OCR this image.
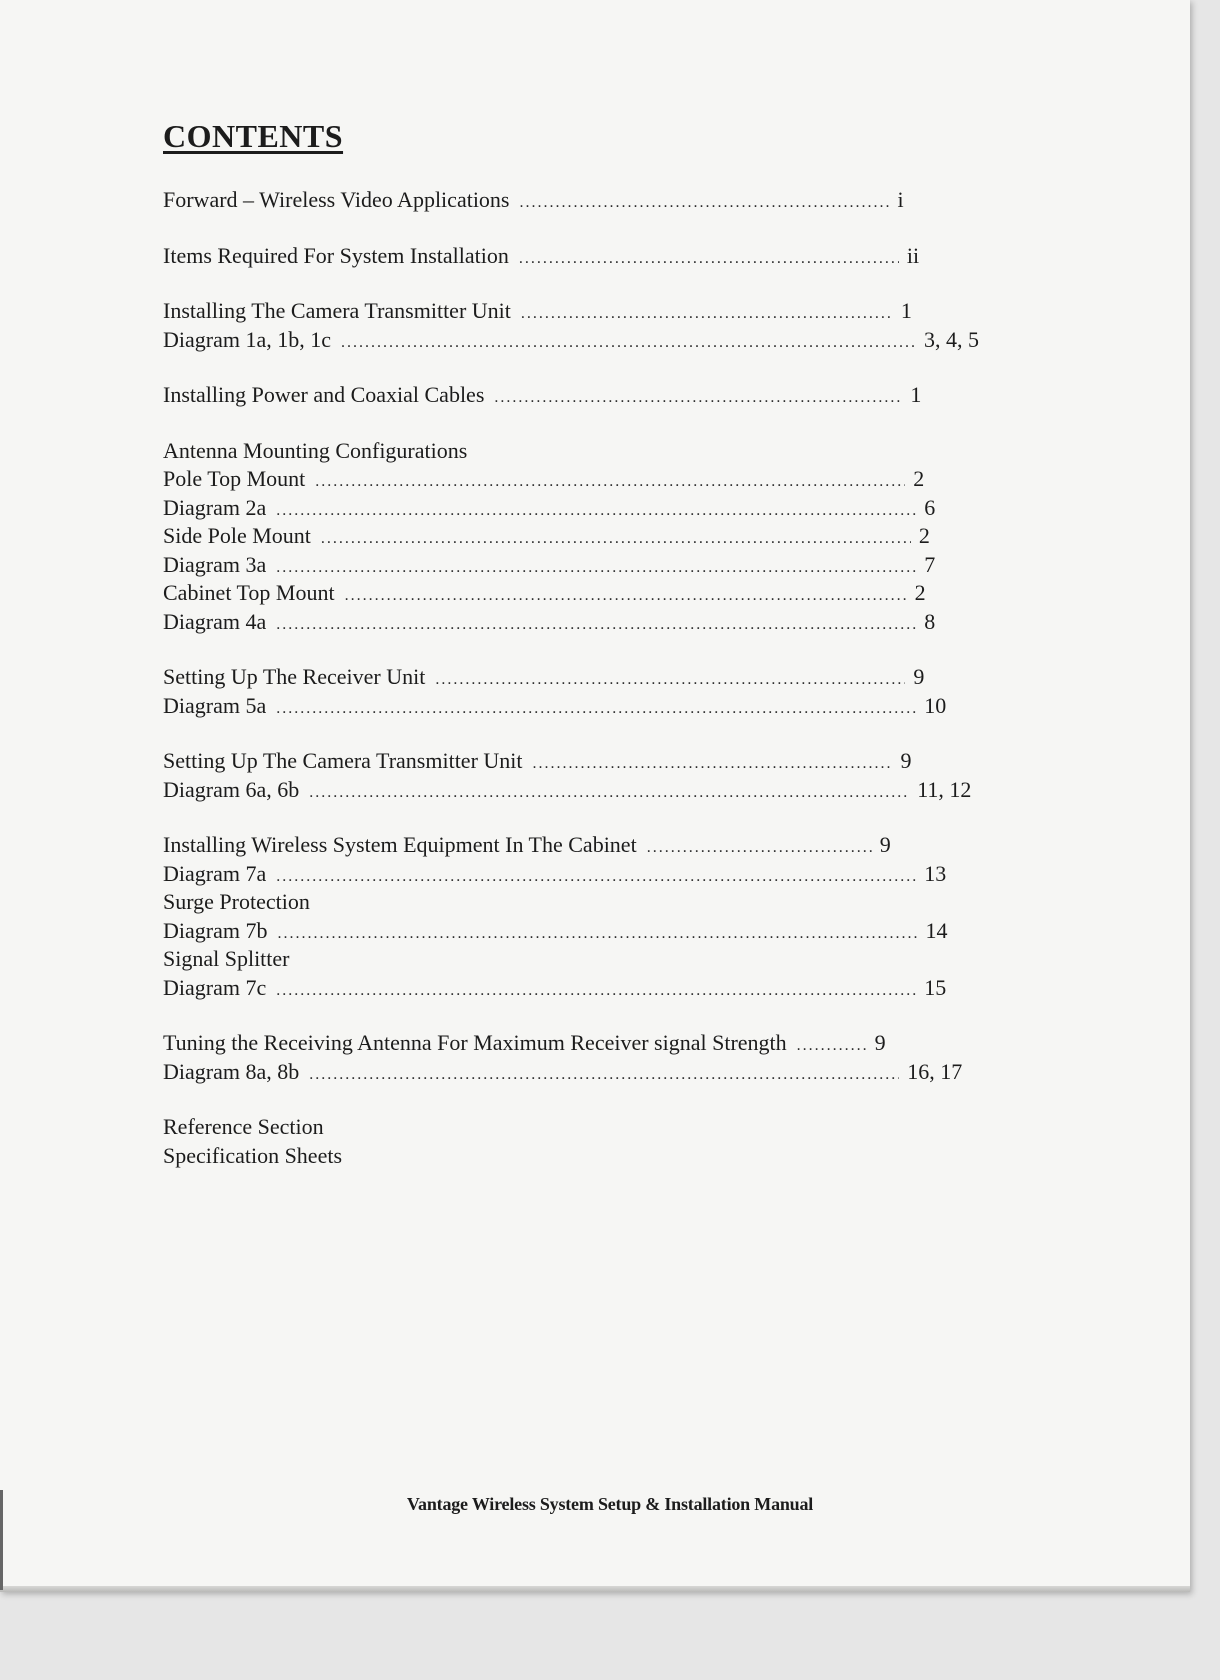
CONTENTS
Forward – Wireless Video Applications .....	i
Items Required For System Installation .....	ii
Installing The Camera Transmitter Unit .....	1
Diagram 1a, 1b, 1c .....	3, 4, 5
Installing Power and Coaxial Cables .....	1
Antenna Mounting Configurations
Pole Top Mount .....	2
Diagram 2a .....	6
Side Pole Mount .....	2
Diagram 3a .....	7
Cabinet Top Mount .....	2
Diagram 4a .....	8
Setting Up The Receiver Unit .....	9
Diagram 5a .....	10
Setting Up The Camera Transmitter Unit .....	9
Diagram 6a, 6b .....	11, 12
Installing Wireless System Equipment In The Cabinet .....	9
Diagram 7a .....	13
Surge Protection
Diagram 7b .....	14
Signal Splitter
Diagram 7c .....	15
Tuning the Receiving Antenna For Maximum Receiver signal Strength .....	9
Diagram 8a, 8b .....	16, 17
Reference Section
Specification Sheets
Vantage Wireless System Setup & Installation Manual
